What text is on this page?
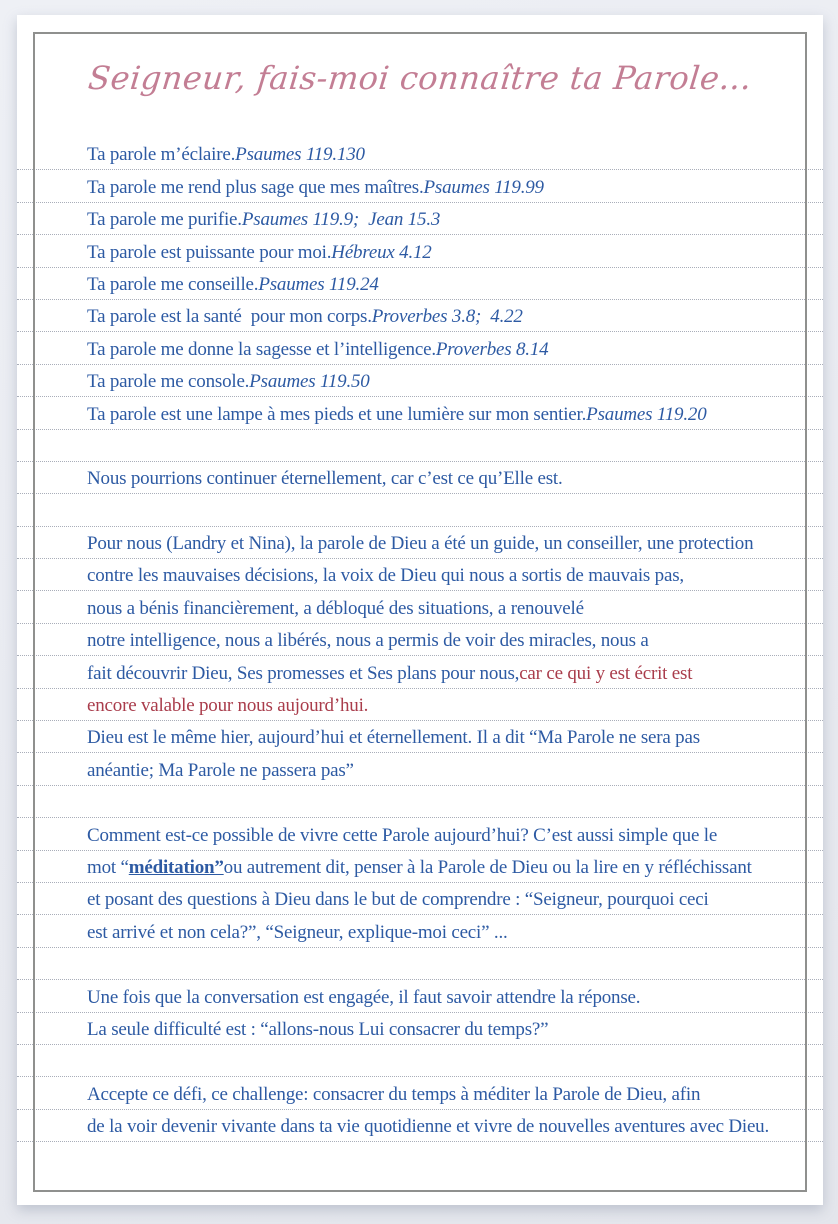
Seigneur, fais-moi connaître ta Parole...
Ta parole m’éclaire. Psaumes 119.130
Ta parole me rend plus sage que mes maîtres. Psaumes 119.99
Ta parole me purifie. Psaumes 119.9;  Jean 15.3
Ta parole est puissante pour moi. Hébreux 4.12
Ta parole me conseille. Psaumes 119.24
Ta parole est la santé  pour mon corps. Proverbes 3.8;  4.22
Ta parole me donne la sagesse et l’intelligence. Proverbes 8.14
Ta parole me console. Psaumes 119.50
Ta parole est une lampe à mes pieds et une lumière sur mon sentier. Psaumes 119.20
Nous pourrions continuer éternellement, car c’est ce qu’Elle est.
Pour nous (Landry et Nina), la parole de Dieu a été un guide, un conseiller, une protection
contre les mauvaises décisions, la voix de Dieu qui nous a sortis de mauvais pas,
nous a bénis financièrement, a débloqué des situations, a renouvelé
notre intelligence, nous a libérés, nous a permis de voir des miracles, nous a
fait découvrir Dieu, Ses promesses et Ses plans pour nous, car ce qui y est écrit est
encore valable pour nous aujourd’hui.
Dieu est le même hier, aujourd’hui et éternellement. Il a dit “Ma Parole ne sera pas
anéantie; Ma Parole ne passera pas”
Comment est-ce possible de vivre cette Parole aujourd’hui? C’est aussi simple que le
mot “ méditation” ou autrement dit, penser à la Parole de Dieu ou la lire en y réfléchissant
et posant des questions à Dieu dans le but de comprendre : “Seigneur, pourquoi ceci
est arrivé et non cela?”, “Seigneur, explique-moi ceci” ...
Une fois que la conversation est engagée, il faut savoir attendre la réponse.
La seule difficulté est : “allons-nous Lui consacrer du temps?”
Accepte ce défi, ce challenge: consacrer du temps à méditer la Parole de Dieu, afin
de la voir devenir vivante dans ta vie quotidienne et vivre de nouvelles aventures avec Dieu.
